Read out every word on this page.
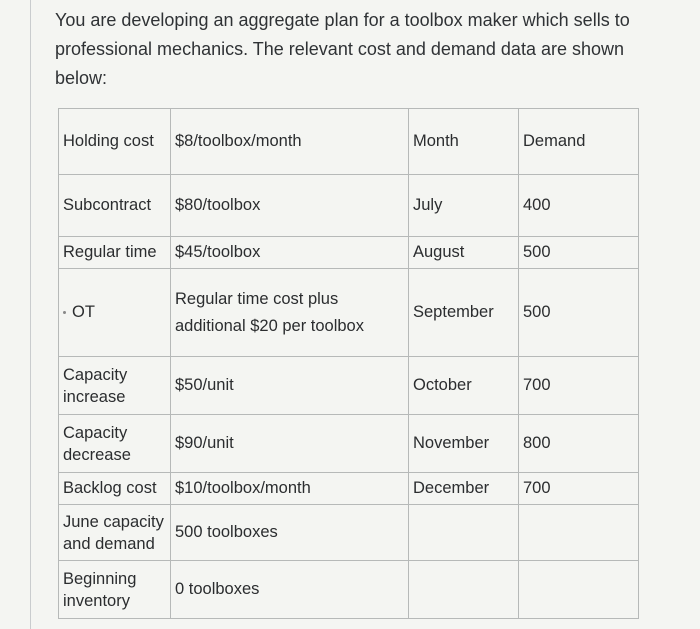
You are developing an aggregate plan for a toolbox maker which sells to professional mechanics. The relevant cost and demand data are shown below:
Holding cost	$8/toolbox/month	Month	Demand
Subcontract	$80/toolbox	July	400
Regular time	$45/toolbox	August	500
OT	Regular time cost plus additional $20 per toolbox	September	500
Capacity increase	$50/unit	October	700
Capacity decrease	$90/unit	November	800
Backlog cost	$10/toolbox/month	December	700
June capacity and demand	500 toolboxes		
Beginning inventory	0 toolboxes		
